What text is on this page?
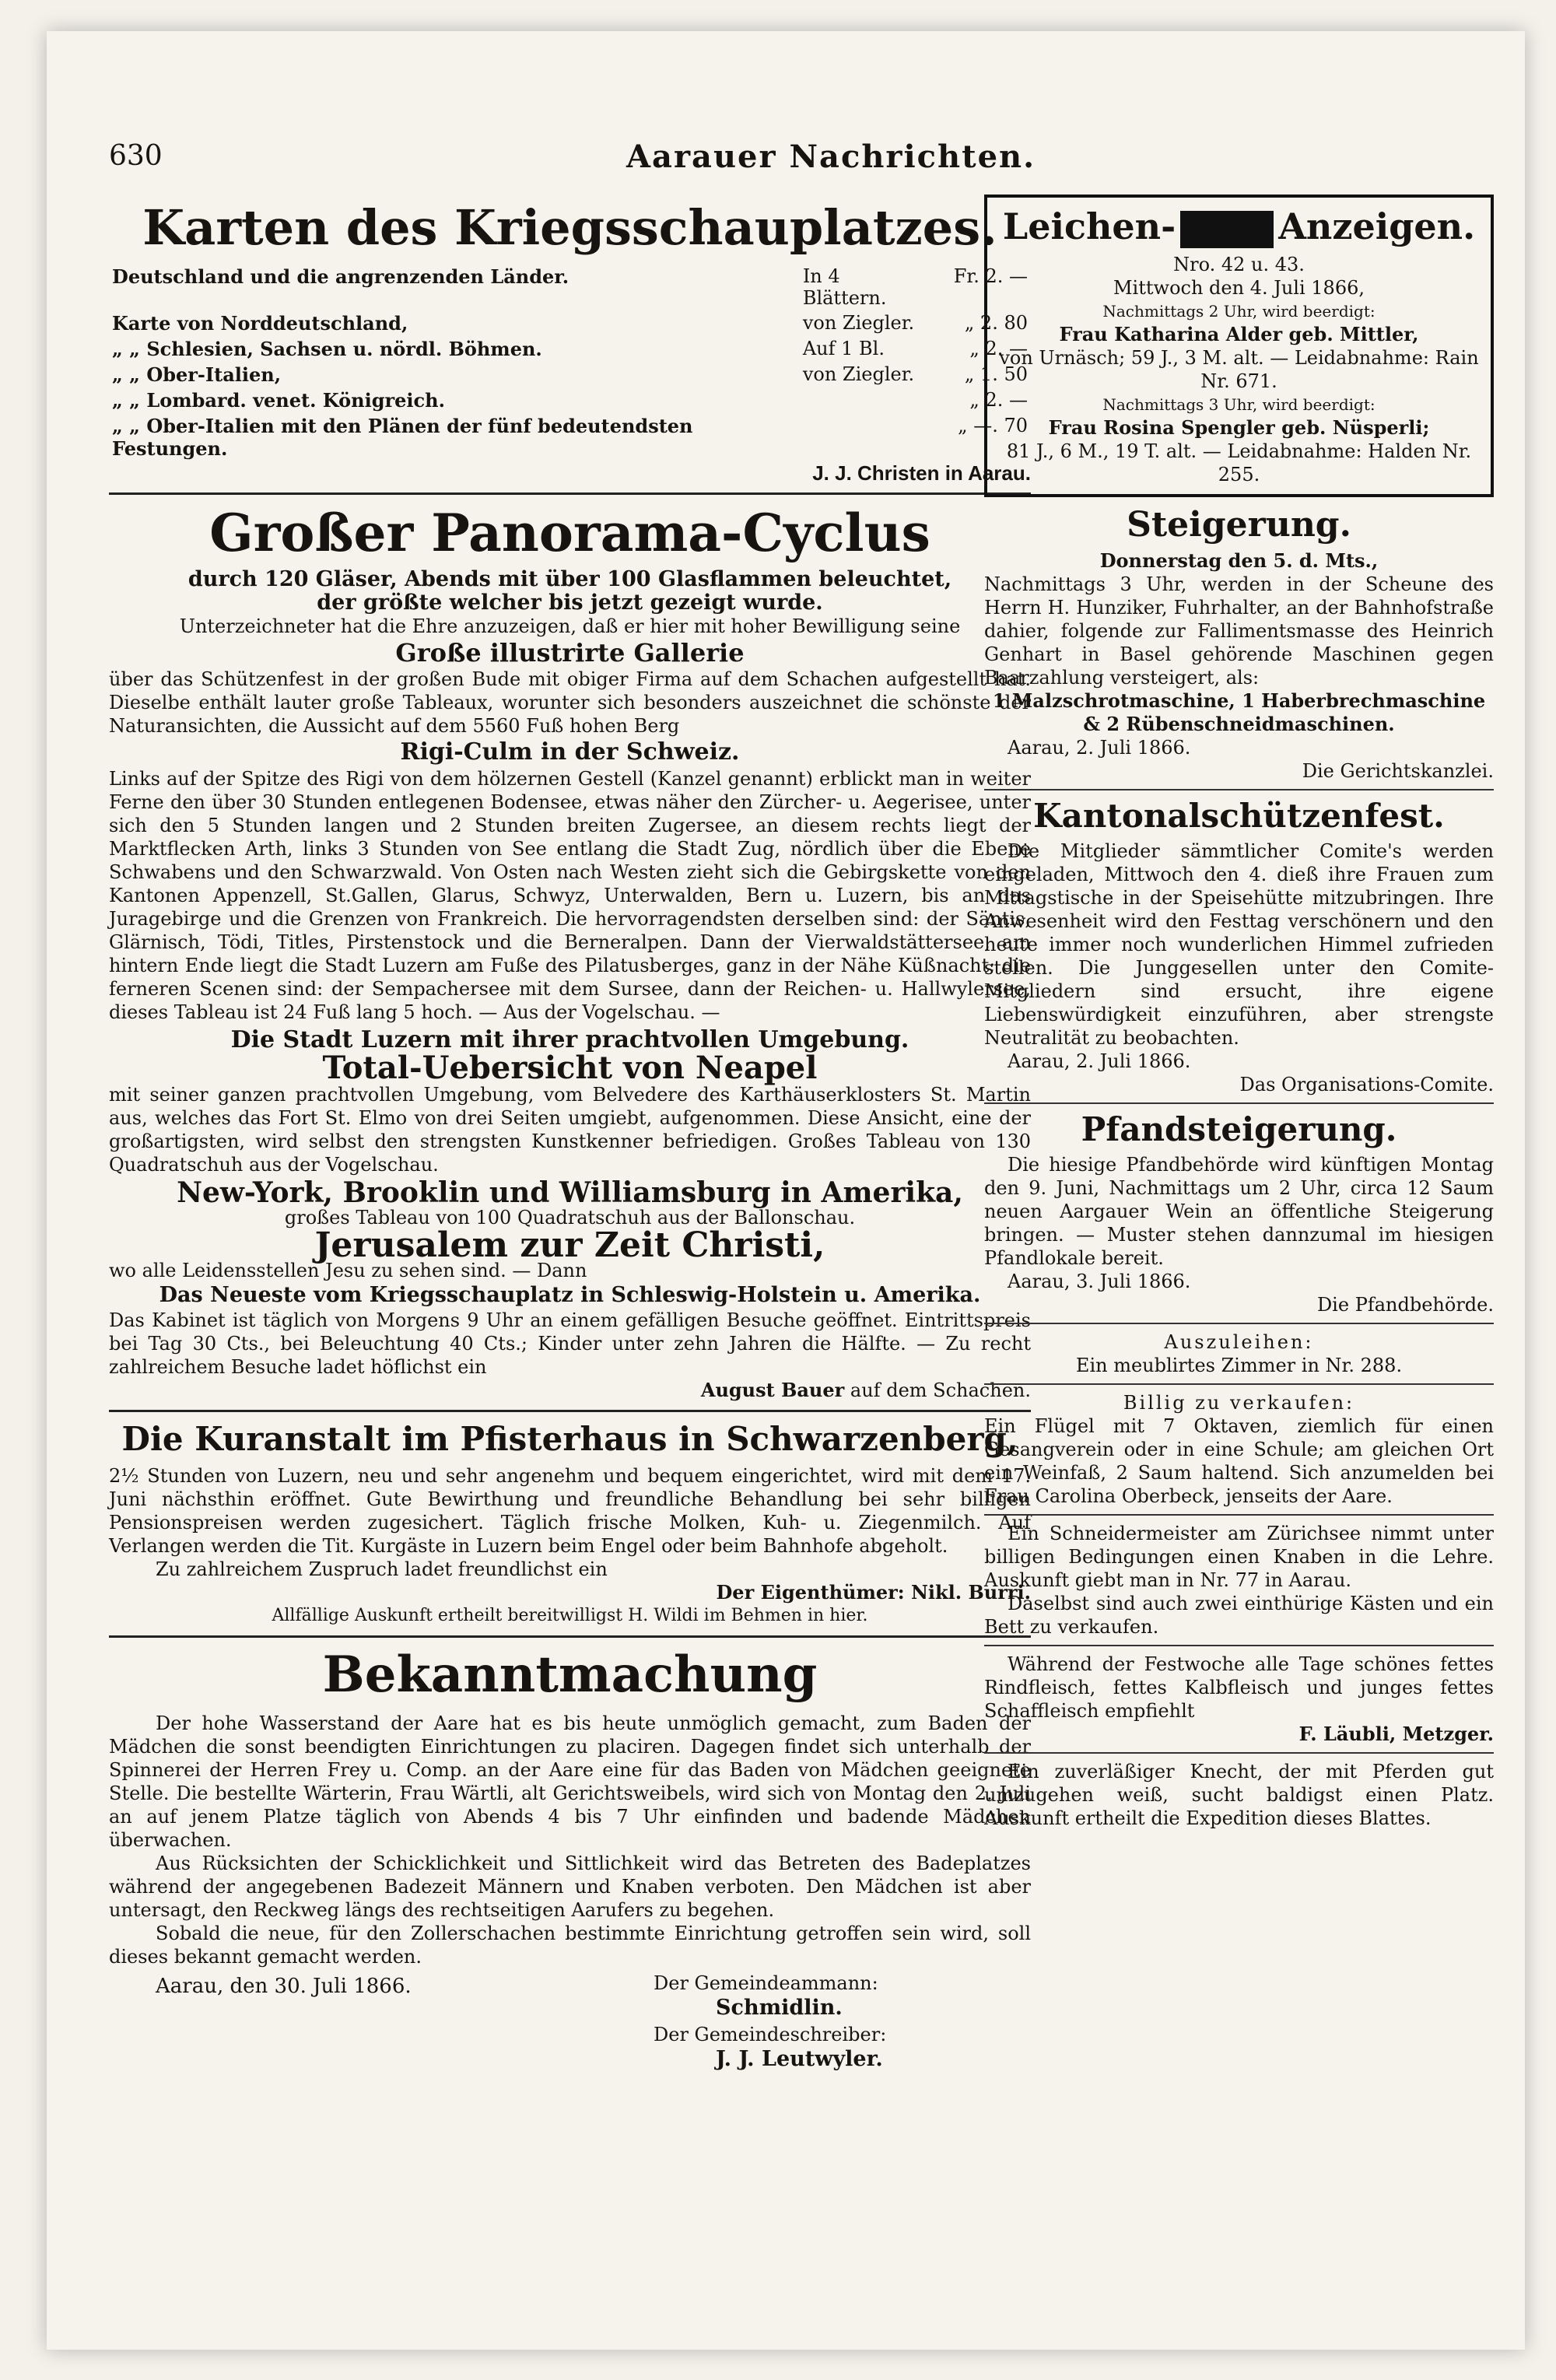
630	Aarauer Nachrichten.
Karten des Kriegsschauplatzes.
Deutschland und die angrenzenden Länder.	In 4 Blättern.	Fr. 2. —
Karte von Norddeutschland,	von Ziegler.	„ 2. 80
„ „ Schlesien, Sachsen u. nördl. Böhmen.	Auf 1 Bl.	„ 2. —
„ „ Ober-Italien,	von Ziegler.	„ 1. 50
„ „ Lombard. venet. Königreich.		„ 2. —
„ „ Ober-Italien mit den Plänen der fünf bedeutendsten Festungen.		„ —. 70

J. J. Christen in Aarau.

Großer Panorama-Cyclus

durch 120 Gläser, Abends mit über 100 Glasflammen beleuchtet,

der größte welcher bis jetzt gezeigt wurde.

Unterzeichneter hat die Ehre anzuzeigen, daß er hier mit hoher Bewilligung seine

Große illustrirte Gallerie

über das Schützenfest in der großen Bude mit obiger Firma auf dem Schachen aufgestellt hat. Dieselbe enthält lauter große Tableaux, worunter sich besonders auszeichnet die schönste der Naturansichten, die Aussicht auf dem 5560 Fuß hohen Berg

Rigi-Culm in der Schweiz.

Links auf der Spitze des Rigi von dem hölzernen Gestell (Kanzel genannt) erblickt man in weiter Ferne den über 30 Stunden entlegenen Bodensee, etwas näher den Zürcher- u. Aegerisee, unter sich den 5 Stunden langen und 2 Stunden breiten Zugersee, an diesem rechts liegt der Marktflecken Arth, links 3 Stunden von See entlang die Stadt Zug, nördlich über die Ebene Schwabens und den Schwarzwald. Von Osten nach Westen zieht sich die Gebirgskette von den Kantonen Appenzell, St.Gallen, Glarus, Schwyz, Unterwalden, Bern u. Luzern, bis an das Juragebirge und die Grenzen von Frankreich. Die hervorragendsten derselben sind: der Säntis, Glärnisch, Tödi, Titles, Pirstenstock und die Berneralpen. Dann der Vierwaldstättersee, am hintern Ende liegt die Stadt Luzern am Fuße des Pilatusberges, ganz in der Nähe Küßnacht; die ferneren Scenen sind: der Sempachersee mit dem Sursee, dann der Reichen- u. Hallwylersee, dieses Tableau ist 24 Fuß lang 5 hoch. — Aus der Vogelschau. —

Die Stadt Luzern mit ihrer prachtvollen Umgebung.

Total-Uebersicht von Neapel

mit seiner ganzen prachtvollen Umgebung, vom Belvedere des Karthäuserklosters St. Martin aus, welches das Fort St. Elmo von drei Seiten umgiebt, aufgenommen. Diese Ansicht, eine der großartigsten, wird selbst den strengsten Kunstkenner befriedigen. Großes Tableau von 130 Quadratschuh aus der Vogelschau.

New-York, Brooklin und Williamsburg in Amerika,

großes Tableau von 100 Quadratschuh aus der Ballonschau.

Jerusalem zur Zeit Christi,

wo alle Leidensstellen Jesu zu sehen sind. — Dann

Das Neueste vom Kriegsschauplatz in Schleswig-Holstein u. Amerika.

Das Kabinet ist täglich von Morgens 9 Uhr an einem gefälligen Besuche geöffnet. Eintrittspreis bei Tag 30 Cts., bei Beleuchtung 40 Cts.; Kinder unter zehn Jahren die Hälfte. — Zu recht zahlreichem Besuche ladet höflichst ein

August Bauer auf dem Schachen.

Die Kuranstalt im Pfisterhaus in Schwarzenberg,

2½ Stunden von Luzern, neu und sehr angenehm und bequem eingerichtet, wird mit dem 17. Juni nächsthin eröffnet. Gute Bewirthung und freundliche Behandlung bei sehr billigen Pensionspreisen werden zugesichert. Täglich frische Molken, Kuh- u. Ziegenmilch. Auf Verlangen werden die Tit. Kurgäste in Luzern beim Engel oder beim Bahnhofe abgeholt.

Zu zahlreichem Zuspruch ladet freundlichst ein

Der Eigenthümer: Nikl. Burri.

Allfällige Auskunft ertheilt bereitwilligst H. Wildi im Behmen in hier.

Bekanntmachung

Der hohe Wasserstand der Aare hat es bis heute unmöglich gemacht, zum Baden der Mädchen die sonst beendigten Einrichtungen zu placiren. Dagegen findet sich unterhalb der Spinnerei der Herren Frey u. Comp. an der Aare eine für das Baden von Mädchen geeignete Stelle. Die bestellte Wärterin, Frau Wärtli, alt Gerichtsweibels, wird sich von Montag den 2. Juli an auf jenem Platze täglich von Abends 4 bis 7 Uhr einfinden und badende Mädchen überwachen.

Aus Rücksichten der Schicklichkeit und Sittlichkeit wird das Betreten des Badeplatzes während der angegebenen Badezeit Männern und Knaben verboten. Den Mädchen ist aber untersagt, den Reckweg längs des rechtseitigen Aarufers zu begehen.

Sobald die neue, für den Zollerschachen bestimmte Einrichtung getroffen sein wird, soll dieses bekannt gemacht werden.

Aarau, den 30. Juli 1866.	Der Gemeindeammann:

Schmidlin.

Der Gemeindeschreiber:

J. J. Leutwyler.

Leichen-	Anzeigen.

Nro. 42 u. 43.

Mittwoch den 4. Juli 1866,

Nachmittags 2 Uhr, wird beerdigt:

Frau Katharina Alder geb. Mittler,

von Urnäsch; 59 J., 3 M. alt. — Leidabnahme: Rain Nr. 671.

Nachmittags 3 Uhr, wird beerdigt:

Frau Rosina Spengler geb. Nüsperli;

81 J., 6 M., 19 T. alt. — Leidabnahme: Halden Nr. 255.

Steigerung.

Donnerstag den 5. d. Mts.,

Nachmittags 3 Uhr, werden in der Scheune des Herrn H. Hunziker, Fuhrhalter, an der Bahnhofstraße dahier, folgende zur Fallimentsmasse des Heinrich Genhart in Basel gehörende Maschinen gegen Baarzahlung versteigert, als:

1 Malzschrotmaschine, 1 Haberbrechmaschine & 2 Rübenschneidmaschinen.

Aarau, 2. Juli 1866.

Die Gerichtskanzlei.

Kantonalschützenfest.

Die Mitglieder sämmtlicher Comite's werden eingeladen, Mittwoch den 4. dieß ihre Frauen zum Mittagstische in der Speisehütte mitzubringen. Ihre Anwesenheit wird den Festtag verschönern und den heute immer noch wunderlichen Himmel zufrieden stellen. Die Junggesellen unter den Comite-Mitgliedern sind ersucht, ihre eigene Liebenswürdigkeit einzuführen, aber strengste Neutralität zu beobachten.

Aarau, 2. Juli 1866.

Das Organisations-Comite.

Pfandsteigerung.

Die hiesige Pfandbehörde wird künftigen Montag den 9. Juni, Nachmittags um 2 Uhr, circa 12 Saum neuen Aargauer Wein an öffentliche Steigerung bringen. — Muster stehen dannzumal im hiesigen Pfandlokale bereit.

Aarau, 3. Juli 1866.

Die Pfandbehörde.

Auszuleihen:

Ein meublirtes Zimmer in Nr. 288.

Billig zu verkaufen:

Ein Flügel mit 7 Oktaven, ziemlich für einen Gesangverein oder in eine Schule; am gleichen Ort ein Weinfaß, 2 Saum haltend. Sich anzumelden bei Frau Carolina Oberbeck, jenseits der Aare.

Ein Schneidermeister am Zürichsee nimmt unter billigen Bedingungen einen Knaben in die Lehre. Auskunft giebt man in Nr. 77 in Aarau.

Daselbst sind auch zwei einthürige Kästen und ein Bett zu verkaufen.

Während der Festwoche alle Tage schönes fettes Rindfleisch, fettes Kalbfleisch und junges fettes Schaffleisch empfiehlt

F. Läubli, Metzger.

Ein zuverläßiger Knecht, der mit Pferden gut umzugehen weiß, sucht baldigst einen Platz. Auskunft ertheilt die Expedition dieses Blattes.
